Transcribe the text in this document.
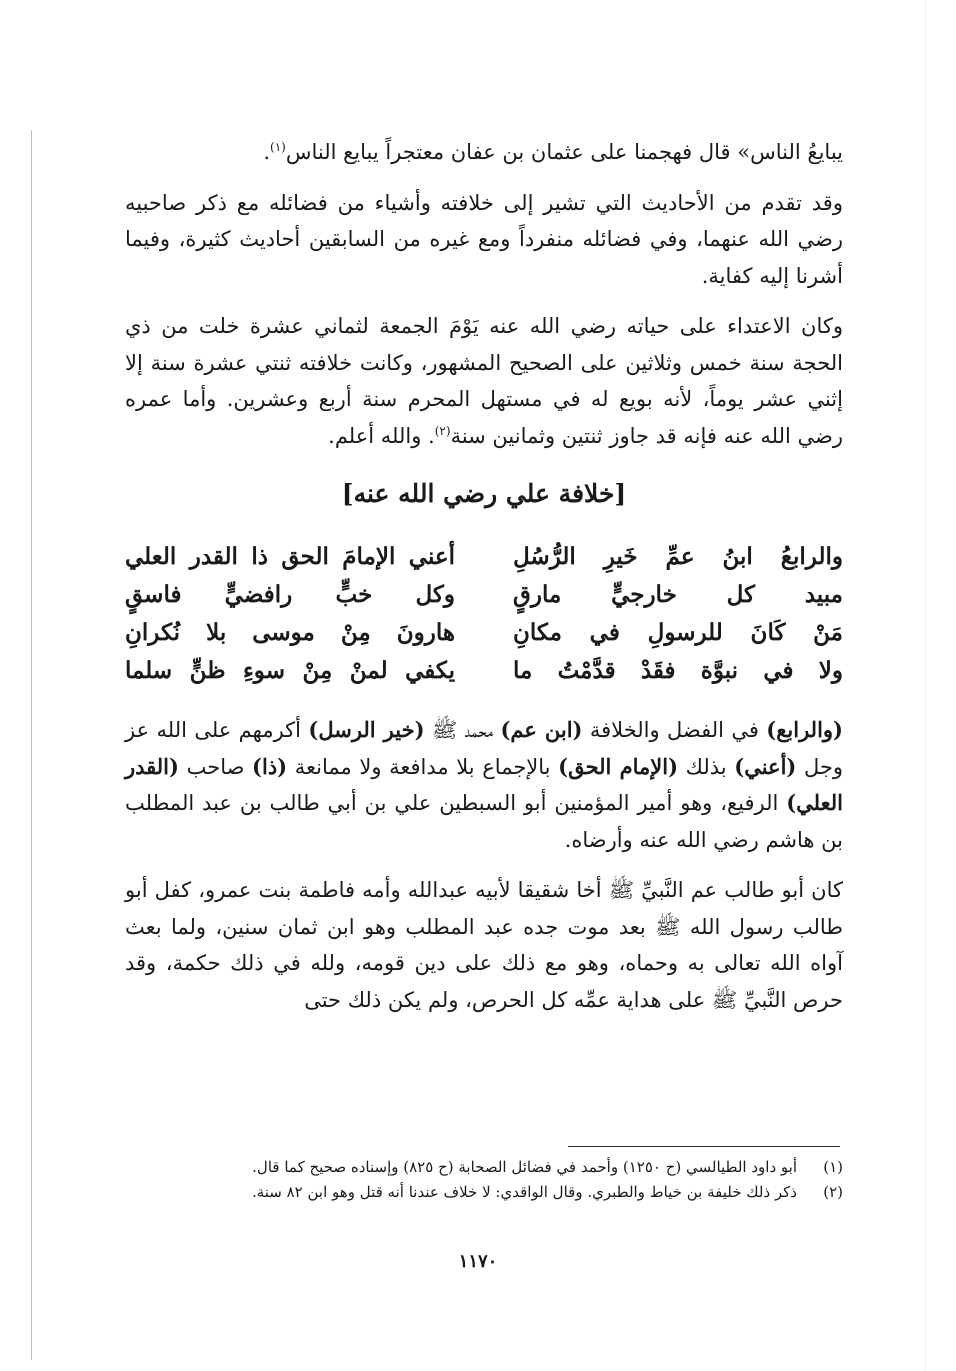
يبايعُ الناس» قال فهجمنا على عثمان بن عفان معتجراً يبايع الناس$^{(١)}$.

وقد تقدم من الأحاديث التي تشير إلى خلافته وأشياء من فضائله مع ذكر صاحبيه رضي الله عنهما، وفي فضائله منفرداً ومع غيره من السابقين أحاديث كثيرة، وفيما أشرنا إليه كفاية.

وكان الاعتداء على حياته رضي الله عنه يَوْمَ الجمعة لثماني عشرة خلت من ذي الحجة سنة خمس وثلاثين على الصحيح المشهور، وكانت خلافته ثنتي عشرة سنة إلا إثني عشر يوماً، لأنه بويع له في مستهل المحرم سنة أربع وعشرين. وأما عمره رضي الله عنه فإنه قد جاوز ثنتين وثمانين سنة$^{(٢)}$. والله أعلم.

[خلافة علي رضي الله عنه]
والرابعُ ابنُ عمِّ خَيرِ الرُّسُلِ
أعني الإمامَ الحق ذا القدر العلي
مبيد كل خارجيٍّ مارقٍ
وكل خبٍّ رافضيٍّ فاسقٍ
مَنْ كَانَ للرسولِ في مكانِ
هارونَ مِنْ موسى بلا نُكرانِ
ولا في نبوَّة فقَدْ قدَّمْتُ ما
يكفي لمنْ مِنْ سوءِ ظنٍّ سلما

(والرابع) في الفضل والخلافة (ابن عم) محمد ﷺ (خير الرسل) أكرمهم على الله عز وجل (أعني) بذلك (الإمام الحق) بالإجماع بلا مدافعة ولا ممانعة (ذا) صاحب (القدر العلي) الرفيع، وهو أمير المؤمنين أبو السبطين علي بن أبي طالب بن عبد المطلب بن هاشم رضي الله عنه وأرضاه.

كان أبو طالب عم النَّبيِّ ﷺ أخا شقيقا لأبيه عبدالله وأمه فاطمة بنت عمرو، كفل أبو طالب رسول الله ﷺ بعد موت جده عبد المطلب وهو ابن ثمان سنين، ولما بعث آواه الله تعالى به وحماه، وهو مع ذلك على دين قومه، ولله في ذلك حكمة، وقد حرص النَّبيِّ ﷺ على هداية عمِّه كل الحرص، ولم يكن ذلك حتى

(١)
أبو داود الطيالسي (ح ١٢٥٠) وأحمد في فضائل الصحابة (ح ٨٢٥) وإسناده صحيح كما قال.
(٢)
ذكر ذلك خليفة بن خياط والطبري. وقال الواقدي: لا خلاف عندنا أنه قتل وهو ابن ٨٢ سنة.
١١٧٠
